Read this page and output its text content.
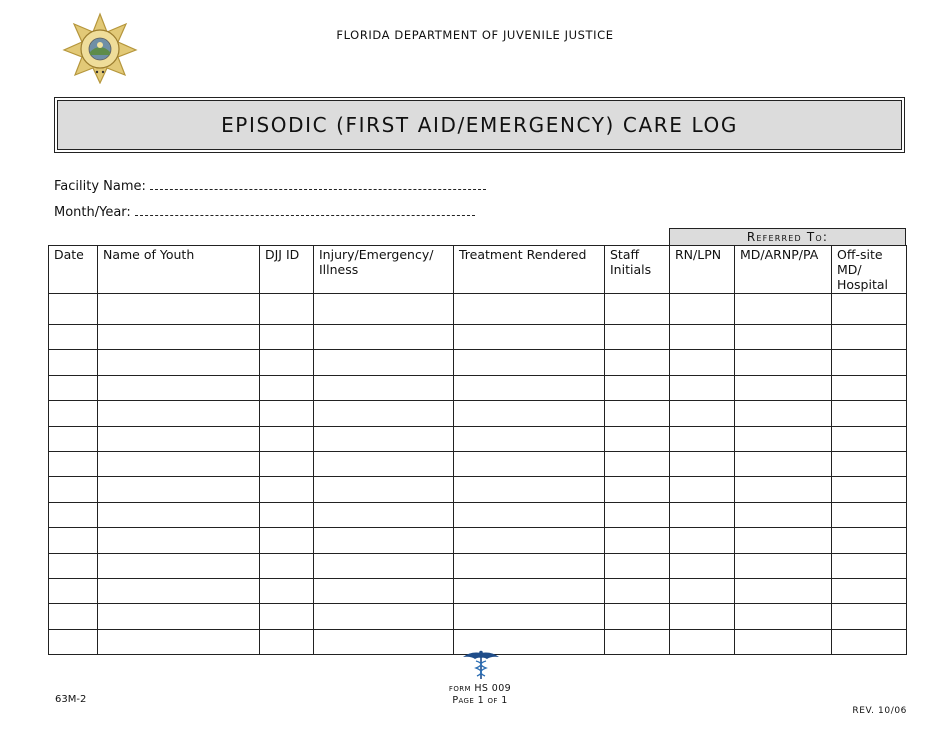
FLORIDA DEPARTMENT OF JUVENILE JUSTICE
EPISODIC (FIRST AID/EMERGENCY) CARE LOG
Facility Name:
Month/Year:
Referred To:
Date	Name of Youth	DJJ ID	Injury/Emergency/ Illness	Treatment Rendered	Staff Initials	RN/LPN	MD/ARNP/PA	Off-site MD/ Hospital

form HS 009
Page 1 of 1
63M-2
REV. 10/06
